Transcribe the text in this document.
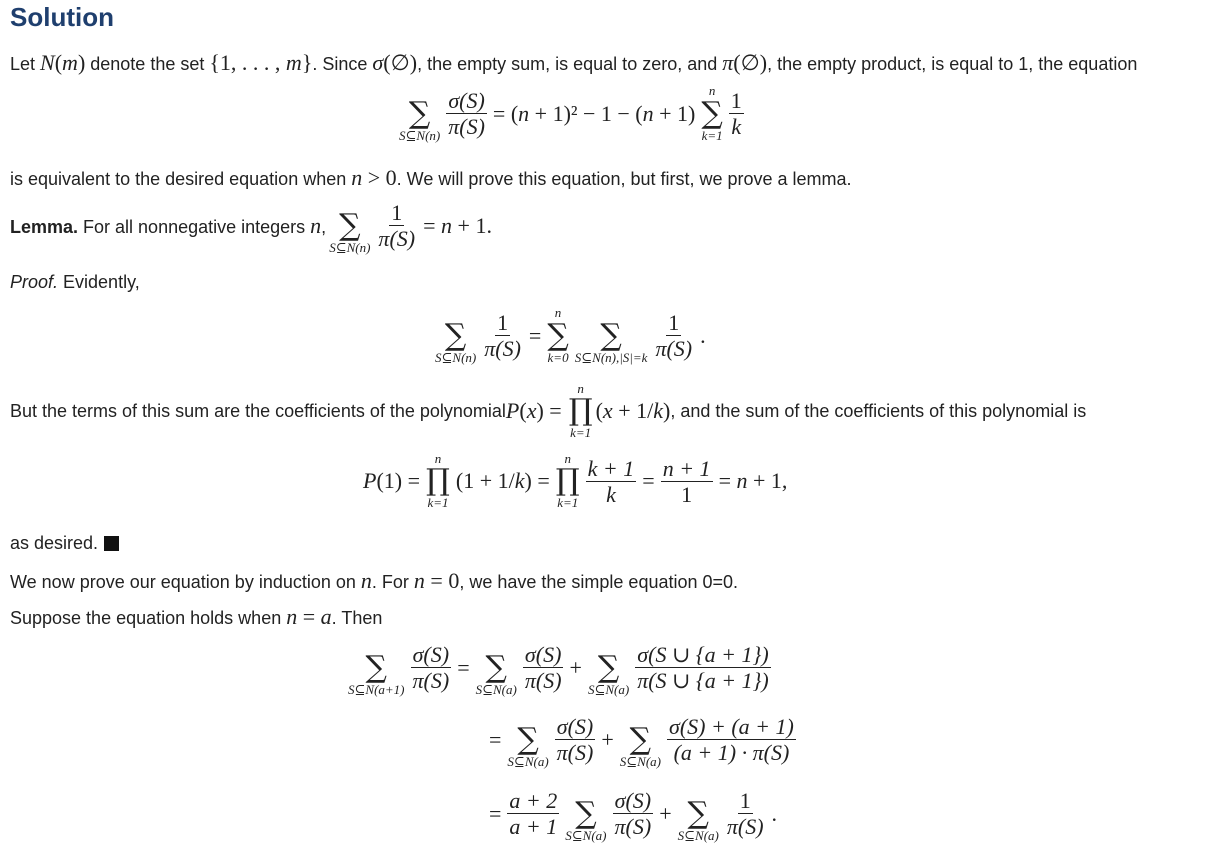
Solution
Let N(m) denote the set {1, . . . , m}. Since σ(∅), the empty sum, is equal to zero, and π(∅), the empty product, is equal to 1, the equation
∑
S⊆N(n) $\frac{\sigma(S)}{\pi(S)} = (n + 1)^2 - 1 - (n + 1)$
n
∑
$k=1 \frac{1}{k}$
is equivalent to the desired equation when n > 0. We will prove this equation, but first, we prove a lemma.
Lemma. For all nonnegative integers n, ∑
S⊆N(n) $\frac{1}{\pi(S)} = n + 1$.
Proof. Evidently,
∑
S⊆N(n) $\frac{1}{\pi(S)}$ =
n
∑
k=0
∑
S⊆N(n),|S|=k $\frac{1}{\pi(S)}$ .
But the terms of this sum are the coefficients of the polynomial P(x) =
n
∏
k=1
(x + 1/k) , and the sum of the coefficients of this polynomial is
P(1) =
n
∏
k=1
(1 + 1/k) =
n
∏
$k=1 \frac{k + 1}{k} = \frac{n + 1}{1} = n + 1$,
as desired.
We now prove our equation by induction on n. For n = 0, we have the simple equation 0=0.
Suppose the equation holds when n = a. Then
∑
S⊆N(a+1) $\frac{\sigma(S)}{\pi(S)}$ = ∑
S⊆N(a) $\frac{\sigma(S)}{\pi(S)}$ + ∑
S⊆N(a) $\frac{\sigma(S \cup \{a + 1\})}{\pi(S \cup \{a + 1\})}$
= ∑
S⊆N(a) $\frac{\sigma(S)}{\pi(S)}$ + ∑
S⊆N(a) $\frac{\sigma(S) + (a + 1)}{(a + 1) \cdot \pi(S)}$
= $\frac{a + 2}{a + 1}$ ∑
S⊆N(a) $\frac{\sigma(S)}{\pi(S)}$ + ∑
S⊆N(a) $\frac{1}{\pi(S)}$ .
